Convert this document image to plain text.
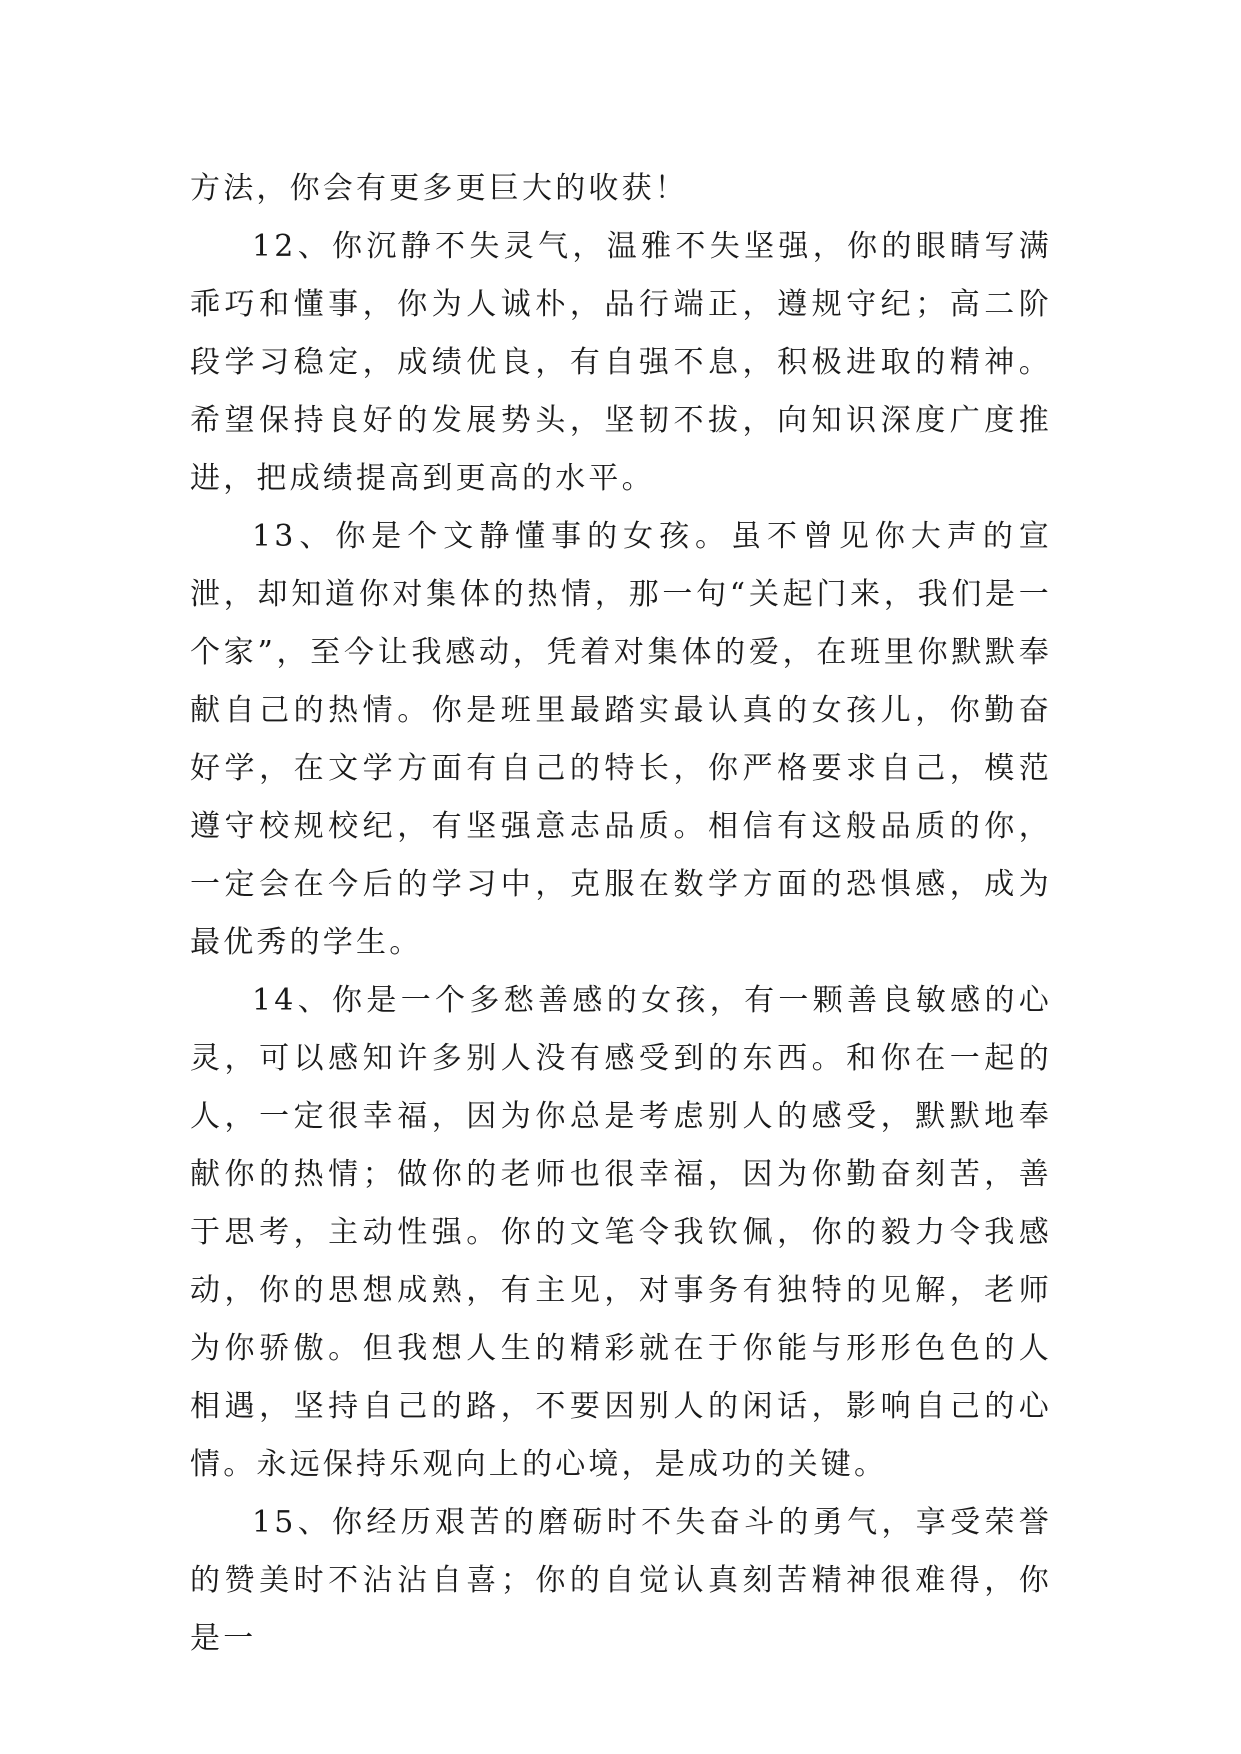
方法，你会有更多更巨大的收获！

12、你沉静不失灵气，温雅不失坚强，你的眼睛写满乖巧和懂事，你为人诚朴，品行端正，遵规守纪；高二阶段学习稳定，成绩优良，有自强不息，积极进取的精神。希望保持良好的发展势头，坚韧不拔，向知识深度广度推进，把成绩提高到更高的水平。

13、你是个文静懂事的女孩。虽不曾见你大声的宣泄，却知道你对集体的热情，那一句“关起门来，我们是一个家”，至今让我感动，凭着对集体的爱，在班里你默默奉献自己的热情。你是班里最踏实最认真的女孩儿，你勤奋好学，在文学方面有自己的特长，你严格要求自己，模范遵守校规校纪，有坚强意志品质。相信有这般品质的你，一定会在今后的学习中，克服在数学方面的恐惧感，成为最优秀的学生。

14、你是一个多愁善感的女孩，有一颗善良敏感的心灵，可以感知许多别人没有感受到的东西。和你在一起的人，一定很幸福，因为你总是考虑别人的感受，默默地奉献你的热情；做你的老师也很幸福，因为你勤奋刻苦，善于思考，主动性强。你的文笔令我钦佩，你的毅力令我感动，你的思想成熟，有主见，对事务有独特的见解，老师为你骄傲。但我想人生的精彩就在于你能与形形色色的人相遇，坚持自己的路，不要因别人的闲话，影响自己的心情。永远保持乐观向上的心境，是成功的关键。

15、你经历艰苦的磨砺时不失奋斗的勇气，享受荣誉的赞美时不沾沾自喜；你的自觉认真刻苦精神很难得，你是一
